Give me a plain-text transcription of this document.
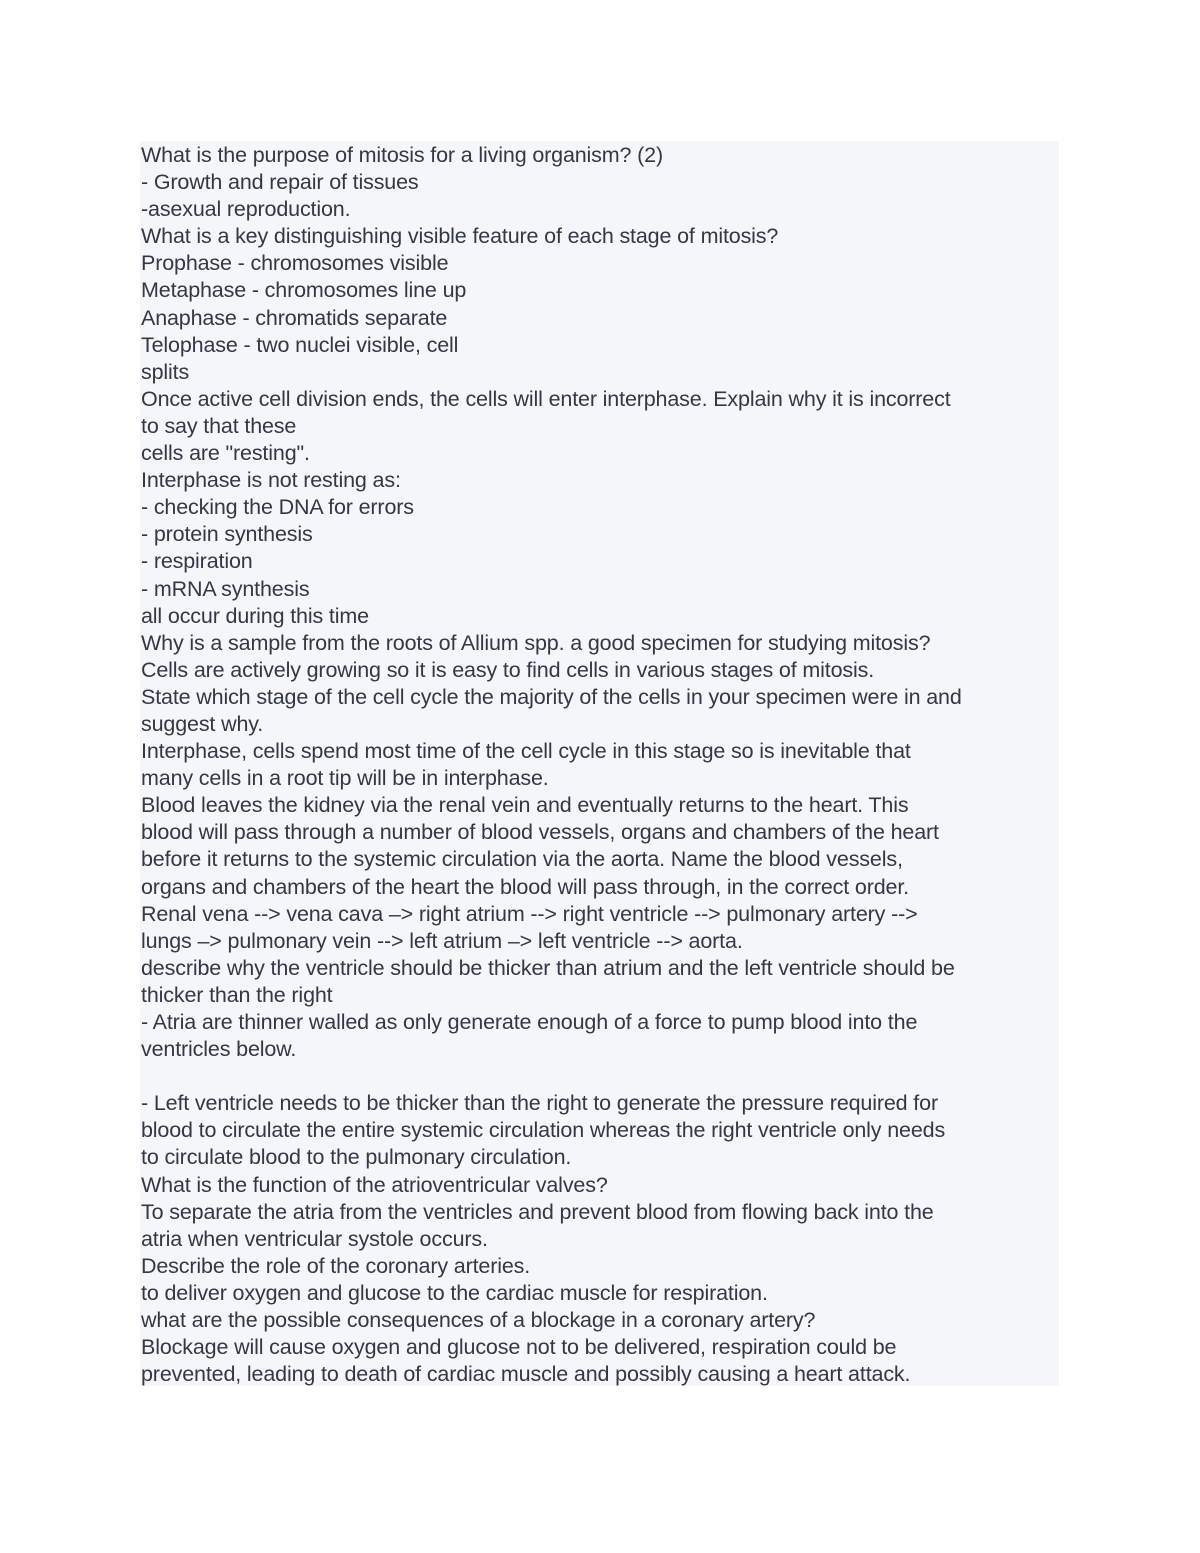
What is the purpose of mitosis for a living organism? (2)
- Growth and repair of tissues
-asexual reproduction.
What is a key distinguishing visible feature of each stage of mitosis?
Prophase - chromosomes visible
Metaphase - chromosomes line up
Anaphase - chromatids separate
Telophase - two nuclei visible, cell
splits
Once active cell division ends, the cells will enter interphase. Explain why it is incorrect
to say that these
cells are "resting".
Interphase is not resting as:
- checking the DNA for errors
- protein synthesis
- respiration
- mRNA synthesis
all occur during this time
Why is a sample from the roots of Allium spp. a good specimen for studying mitosis?
Cells are actively growing so it is easy to find cells in various stages of mitosis.
State which stage of the cell cycle the majority of the cells in your specimen were in and
suggest why.
Interphase, cells spend most time of the cell cycle in this stage so is inevitable that
many cells in a root tip will be in interphase.
Blood leaves the kidney via the renal vein and eventually returns to the heart. This
blood will pass through a number of blood vessels, organs and chambers of the heart
before it returns to the systemic circulation via the aorta. Name the blood vessels,
organs and chambers of the heart the blood will pass through, in the correct order.
Renal vena --> vena cava –> right atrium --> right ventricle --> pulmonary artery -->
lungs –> pulmonary vein --> left atrium –> left ventricle --> aorta.
describe why the ventricle should be thicker than atrium and the left ventricle should be
thicker than the right
- Atria are thinner walled as only generate enough of a force to pump blood into the
ventricles below.
- Left ventricle needs to be thicker than the right to generate the pressure required for
blood to circulate the entire systemic circulation whereas the right ventricle only needs
to circulate blood to the pulmonary circulation.
What is the function of the atrioventricular valves?
To separate the atria from the ventricles and prevent blood from flowing back into the
atria when ventricular systole occurs.
Describe the role of the coronary arteries.
to deliver oxygen and glucose to the cardiac muscle for respiration.
what are the possible consequences of a blockage in a coronary artery?
Blockage will cause oxygen and glucose not to be delivered, respiration could be
prevented, leading to death of cardiac muscle and possibly causing a heart attack.
